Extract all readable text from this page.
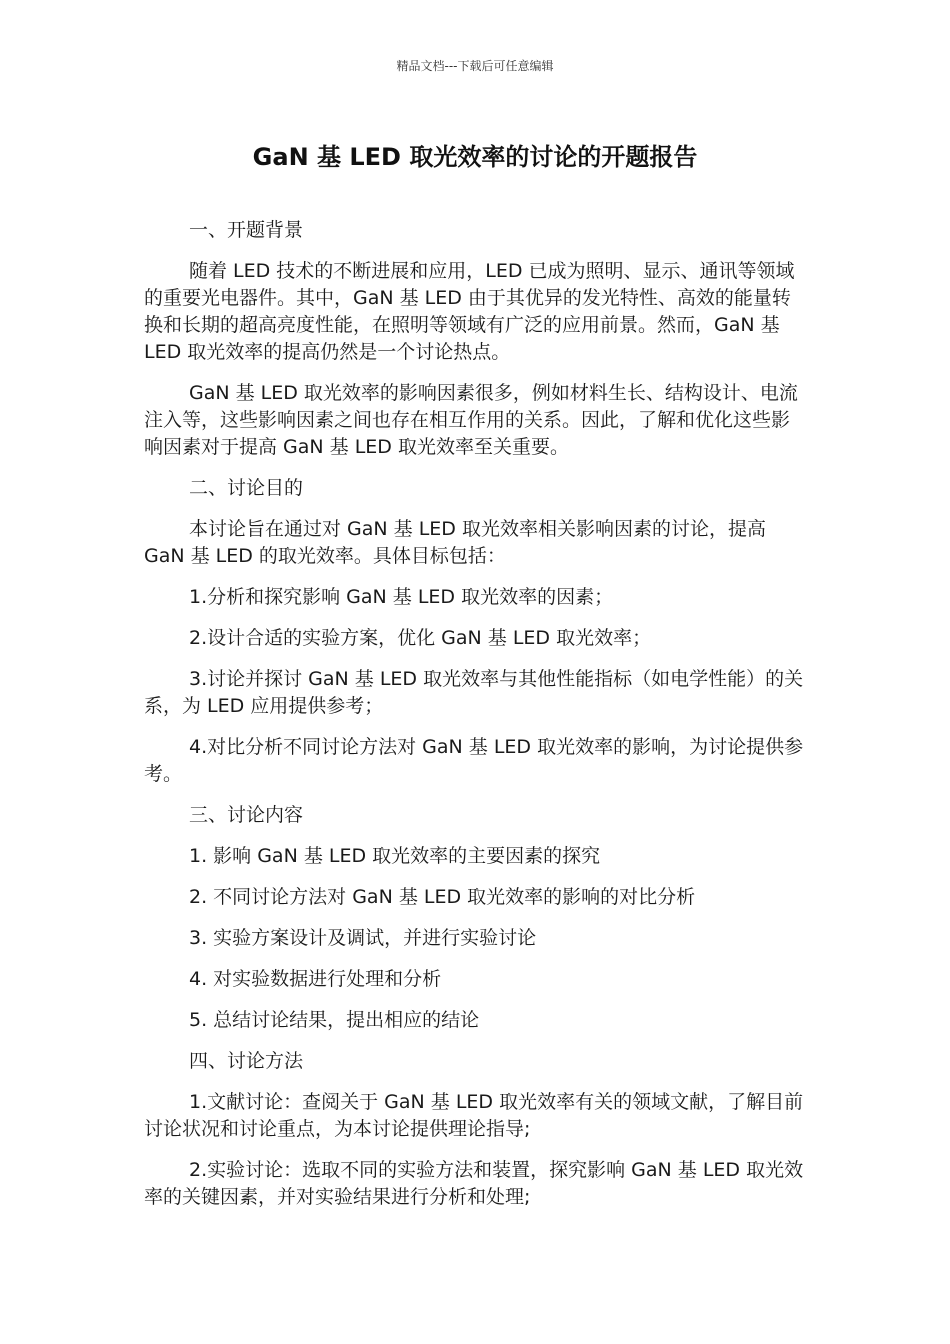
精品文档---下载后可任意编辑
GaN 基 LED 取光效率的讨论的开题报告

一、开题背景

随着 LED 技术的不断进展和应用，LED 已成为照明、显示、通讯等领域的重要光电器件。其中，GaN 基 LED 由于其优异的发光特性、高效的能量转换和长期的超高亮度性能，在照明等领域有广泛的应用前景。然而，GaN 基 LED 取光效率的提高仍然是一个讨论热点。

GaN 基 LED 取光效率的影响因素很多，例如材料生长、结构设计、电流注入等，这些影响因素之间也存在相互作用的关系。因此，了解和优化这些影响因素对于提高 GaN 基 LED 取光效率至关重要。

二、讨论目的

本讨论旨在通过对 GaN 基 LED 取光效率相关影响因素的讨论，提高 GaN 基 LED 的取光效率。具体目标包括：

1.分析和探究影响 GaN 基 LED 取光效率的因素；

2.设计合适的实验方案，优化 GaN 基 LED 取光效率；

3.讨论并探讨 GaN 基 LED 取光效率与其他性能指标（如电学性能）的关系，为 LED 应用提供参考；

4.对比分析不同讨论方法对 GaN 基 LED 取光效率的影响，为讨论提供参考。

三、讨论内容

1. 影响 GaN 基 LED 取光效率的主要因素的探究

2. 不同讨论方法对 GaN 基 LED 取光效率的影响的对比分析

3. 实验方案设计及调试，并进行实验讨论

4. 对实验数据进行处理和分析

5. 总结讨论结果，提出相应的结论

四、讨论方法

1.文献讨论：查阅关于 GaN 基 LED 取光效率有关的领域文献，了解目前讨论状况和讨论重点，为本讨论提供理论指导;

2.实验讨论：选取不同的实验方法和装置，探究影响 GaN 基 LED 取光效率的关键因素，并对实验结果进行分析和处理;
